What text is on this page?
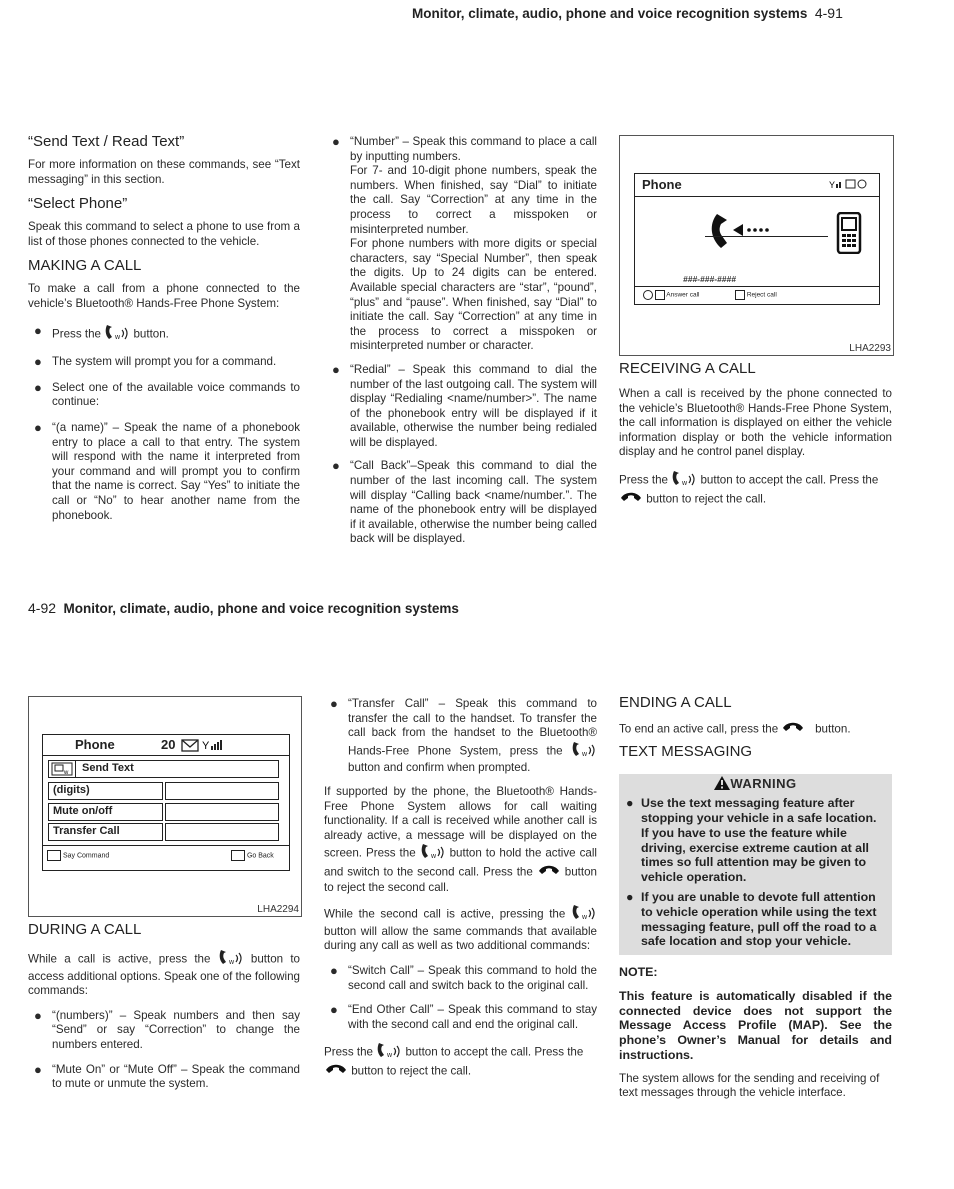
Monitor, climate, audio, phone and voice recognition systems 4-91
“Send Text / Read Text”

For more information on these commands, see “Text messaging” in this section.

“Select Phone”

Speak this command to select a phone to use from a list of those phones connected to the vehicle.

MAKING A CALL

To make a call from a phone connected to the vehicle’s Bluetooth® Hands-Free Phone System:

● Press the w button.
● The system will prompt you for a command.
● Select one of the available voice commands to continue:
● “(a name)” – Speak the name of a phonebook entry to place a call to that entry. The system will respond with the name it interpreted from your command and will prompt you to confirm that the name is correct. Say “Yes” to initiate the call or “No” to hear another name from the phonebook.
● “Number” – Speak this command to place a call by inputting numbers.
For 7- and 10-digit phone numbers, speak the numbers. When finished, say “Dial” to initiate the call. Say “Correction” at any time in the process to correct a misspoken or misinterpreted number.
For phone numbers with more digits or special characters, say “Special Number”, then speak the digits. Up to 24 digits can be entered. Available special characters are “star”, “pound”, “plus” and “pause”. When finished, say “Dial” to initiate the call. Say “Correction” at any time in the process to correct a misspoken or misinterpreted number or character.
● “Redial” – Speak this command to dial the number of the last outgoing call. The system will display “Redialing <name/number>”. The name of the phonebook entry will be displayed if it available, otherwise the number being redialed will be displayed.
● “Call Back”–Speak this command to dial the number of the last incoming call. The system will display “Calling back <name/number.”. The name of the phonebook entry will be displayed if it available, otherwise the number being called back will be displayed.
Phone	Y
###-###-####
Answer call	Reject call
LHA2293
RECEIVING A CALL

When a call is received by the phone connected to the vehicle’s Bluetooth® Hands-Free Phone System, the call information is displayed on either the vehicle information display or both the vehicle information display and he control panel display.

Press the w button to accept the call. Press the  button to reject the call.

4-92 Monitor, climate, audio, phone and voice recognition systems
Phone	20 Y
w Send Text
(digits)
Mute on/off
Transfer Call
Say Command	Go Back
LHA2294
DURING A CALL

While a call is active, press the	w button to access additional options. Speak one of the following commands:

● “(numbers)” – Speak numbers and then say “Send” or say “Correction” to change the numbers entered.
● “Mute On” or “Mute Off” – Speak the command to mute or unmute the system.
● “Transfer Call” – Speak this command to transfer the call to the handset. To transfer the call back from the handset to the Bluetooth® Hands-Free Phone System, press the	w
button and confirm when prompted.

If supported by the phone, the Bluetooth® Hands-Free Phone System allows for call waiting functionality. If a call is received while another call is already active, a message will be displayed on the screen. Press the w button to hold the active call and switch to the second call. Press the	button to reject the second call.

While the second call is active, pressing the w
button will allow the same commands that available during any call as well as two additional commands:

● “Switch Call” – Speak this command to hold the second call and switch back to the original call.
● “End Other Call” – Speak this command to stay with the second call and end the original call.

Press the w button to accept the call. Press the  button to reject the call.

ENDING A CALL

To end an active call, press the	button.

TEXT MESSAGING
WARNING
● Use the text messaging feature after stopping your vehicle in a safe location. If you have to use the feature while driving, exercise extreme caution at all times so full attention may be given to vehicle operation.
● If you are unable to devote full attention to vehicle operation while using the text messaging feature, pull off the road to a safe location and stop your vehicle.

NOTE:

This feature is automatically disabled if the connected device does not support the Message Access Profile (MAP). See the phone’s Owner’s Manual for details and instructions.

The system allows for the sending and receiving of text messages through the vehicle interface.
